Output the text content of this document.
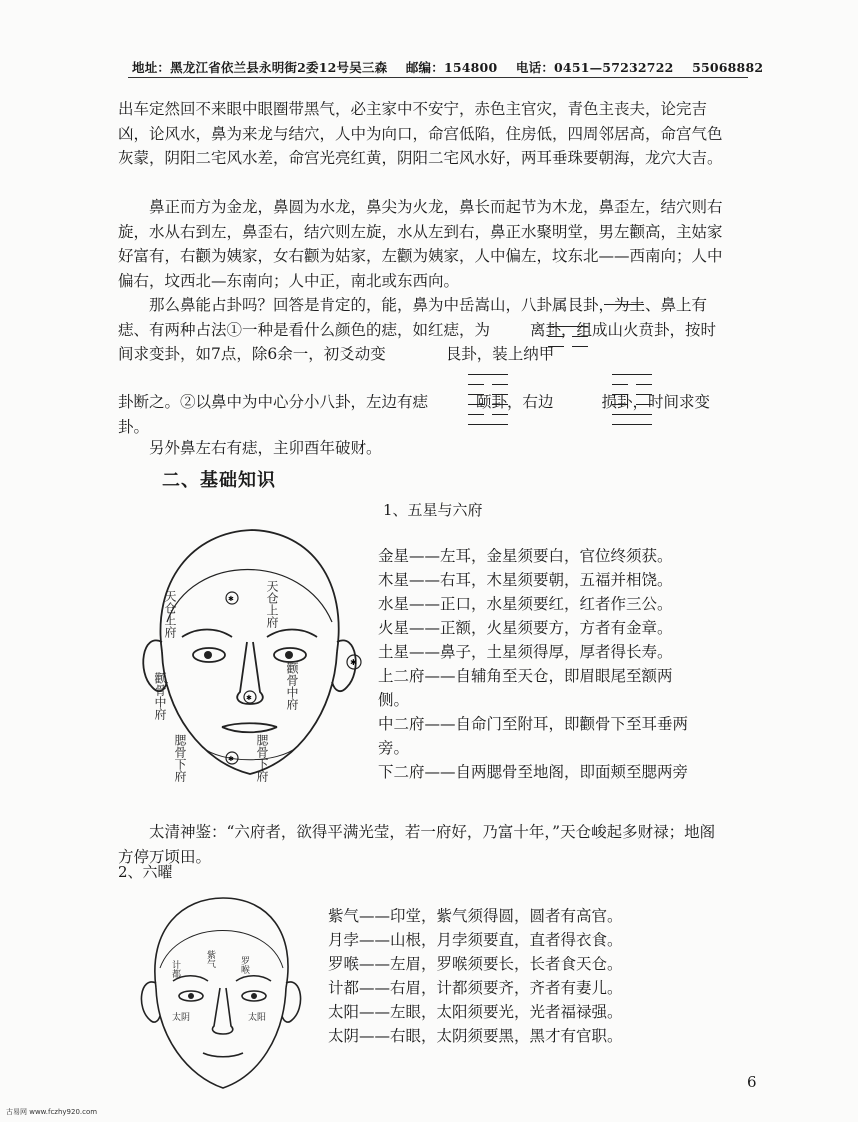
地址：黑龙江省依兰县永明街2委12号吴三森 邮编：154800 电话：0451—57232722 55068882

出车定然回不来眼中眼圈带黑气，必主家中不安宁，赤色主官灾，青色主丧夫，论完吉凶，论风水，鼻为来龙与结穴，人中为向口，命宫低陷，住房低，四周邻居高，命宫气色灰蒙，阴阳二宅风水差，命宫光亮红黄，阴阳二宅风水好，两耳垂珠要朝海，龙穴大吉。

鼻正而方为金龙，鼻圆为水龙，鼻尖为火龙，鼻长而起节为木龙，鼻歪左，结穴则右旋，水从右到左，鼻歪右，结穴则左旋，水从左到右，鼻正水聚明堂，男左颧高，主姑家好富有，右颧为姨家，女右颧为姑家，左颧为姨家，人中偏左，坟东北——西南向；人中偏右，坟西北—东南向；人中正，南北或东西向。

那么鼻能占卦吗？回答是肯定的，能，鼻为中岳嵩山，八卦属艮卦，为土、鼻上有痣、有两种占法①一种是看什么颜色的痣，如红痣，为	离卦，组成山火贲卦，按时间求变卦，如7点，除6余一，初爻动变	艮卦，装上纳甲
卦断之。②以鼻中为中心分小八卦，左边有痣	颐卦，右边	损卦，时间求变卦。

另外鼻左右有痣，主卯酉年破财。

二、基础知识
1、五星与六府
✱
✱
✱
✱
天仓上府	天仓上府
颧骨中府	颧骨中府
腮骨下府	腮骨下府
金星——左耳，金星须要白，官位终须获。
木星——右耳，木星须要朝，五福并相饶。
水星——正口，水星须要红，红者作三公。
火星——正额，火星须要方，方者有金章。
土星——鼻子，土星须得厚，厚者得长寿。
上二府——自辅角至天仓，即眉眼尾至额两
侧。
中二府——自命门至附耳，即颧骨下至耳垂两
旁。
下二府——自两腮骨至地阁，即面颊至腮两旁

太清神鉴：“六府者，欲得平满光莹，若一府好，乃富十年，”天仓峻起多财禄；地阁方停万顷田。

2、六曜
计都
紫气	罗喉
太阴	太阳
紫气——印堂，紫气须得圆，圆者有高官。
月孛——山根，月孛须要直，直者得衣食。
罗喉——左眉，罗喉须要长，长者食天仓。
计都——右眉，计都须要齐，齐者有妻儿。
太阳——左眼，太阳须要光，光者福禄强。
太阴——右眼，太阴须要黑，黑才有官职。
6
古易网 www.fczhy920.com
